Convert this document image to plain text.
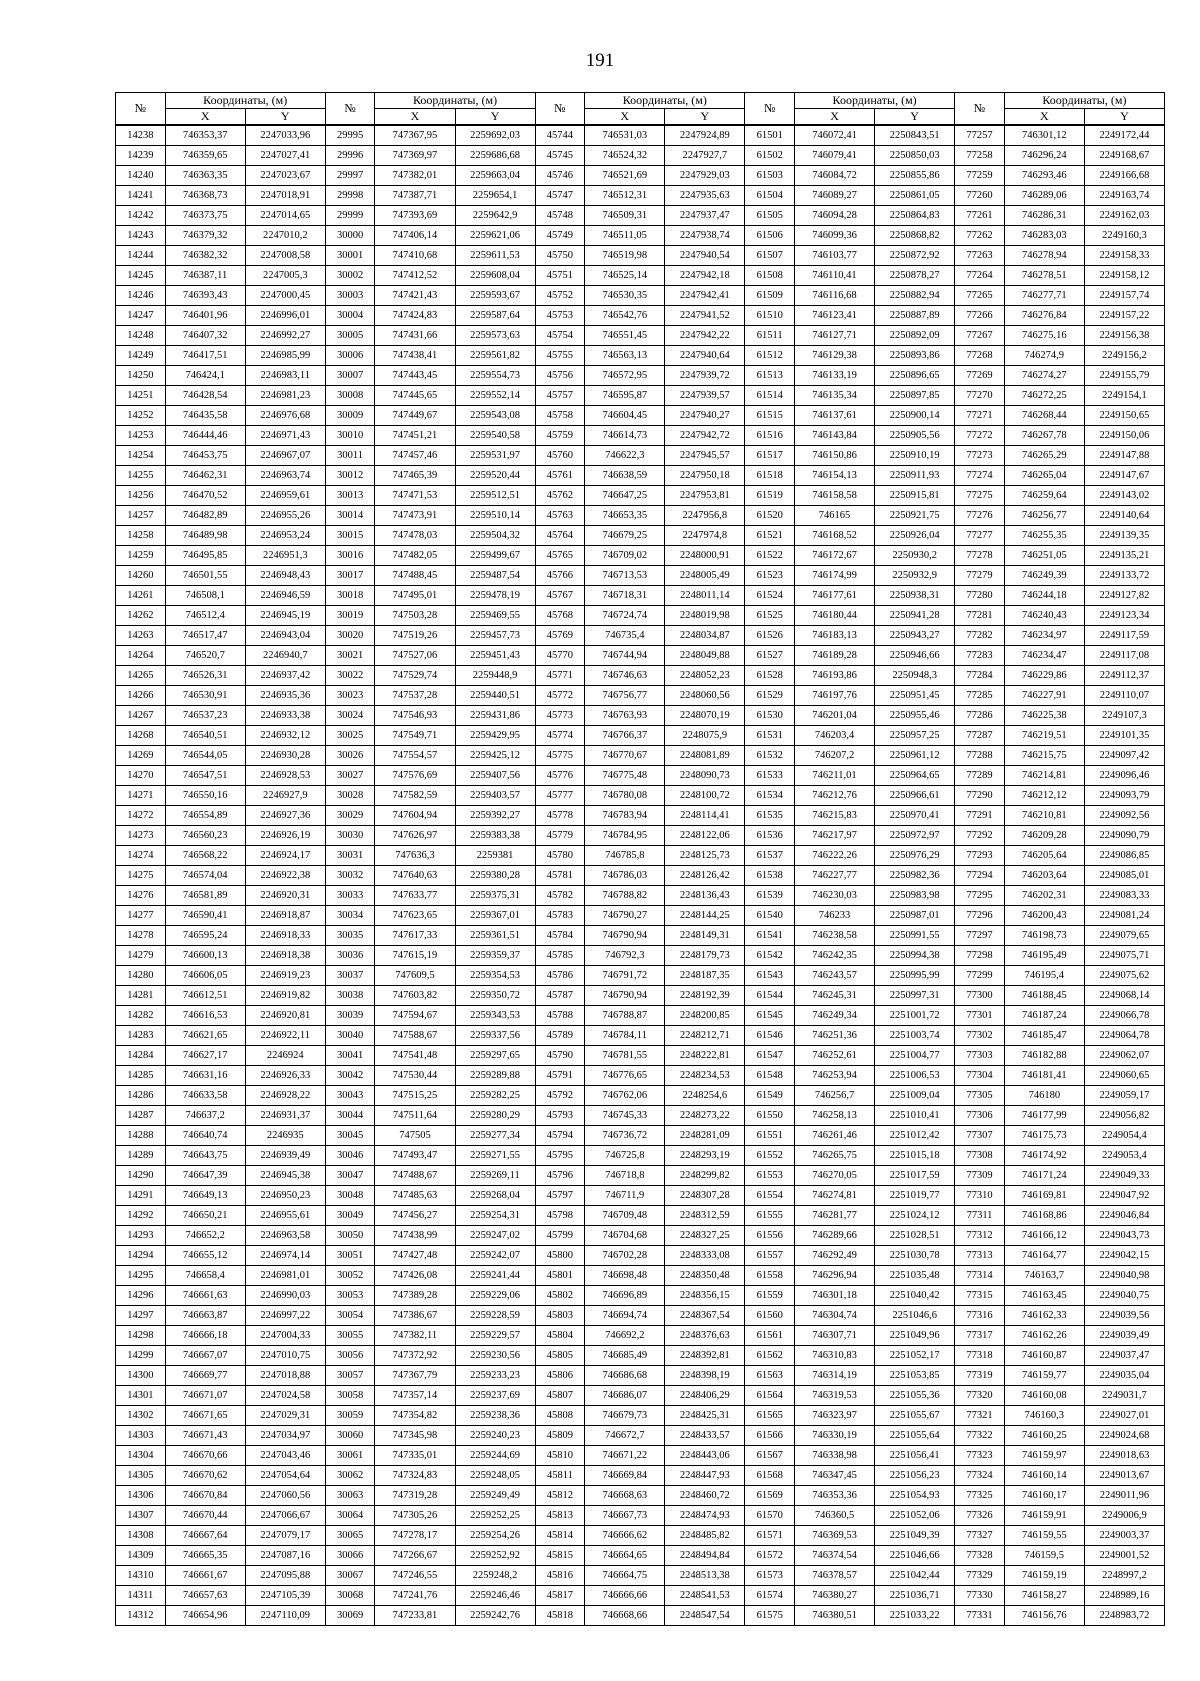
191
№	Координаты, (м)		№	Координаты, (м)		№	Координаты, (м)		№	Координаты, (м)		№	Координаты, (м)	
	X	Y		X	Y		X	Y		X	Y		X	Y
14238	746353,37	2247033,96	29995	747367,95	2259692,03	45744	746531,03	2247924,89	61501	746072,41	2250843,51	77257	746301,12	2249172,44
14239	746359,65	2247027,41	29996	747369,97	2259686,68	45745	746524,32	2247927,7	61502	746079,41	2250850,03	77258	746296,24	2249168,67
14240	746363,35	2247023,67	29997	747382,01	2259663,04	45746	746521,69	2247929,03	61503	746084,72	2250855,86	77259	746293,46	2249166,68
14241	746368,73	2247018,91	29998	747387,71	2259654,1	45747	746512,31	2247935,63	61504	746089,27	2250861,05	77260	746289,06	2249163,74
14242	746373,75	2247014,65	29999	747393,69	2259642,9	45748	746509,31	2247937,47	61505	746094,28	2250864,83	77261	746286,31	2249162,03
14243	746379,32	2247010,2	30000	747406,14	2259621,06	45749	746511,05	2247938,74	61506	746099,36	2250868,82	77262	746283,03	2249160,3
14244	746382,32	2247008,58	30001	747410,68	2259611,53	45750	746519,98	2247940,54	61507	746103,77	2250872,92	77263	746278,94	2249158,33
14245	746387,11	2247005,3	30002	747412,52	2259608,04	45751	746525,14	2247942,18	61508	746110,41	2250878,27	77264	746278,51	2249158,12
14246	746393,43	2247000,45	30003	747421,43	2259593,67	45752	746530,35	2247942,41	61509	746116,68	2250882,94	77265	746277,71	2249157,74
14247	746401,96	2246996,01	30004	747424,83	2259587,64	45753	746542,76	2247941,52	61510	746123,41	2250887,89	77266	746276,84	2249157,22
14248	746407,32	2246992,27	30005	747431,66	2259573,63	45754	746551,45	2247942,22	61511	746127,71	2250892,09	77267	746275,16	2249156,38
14249	746417,51	2246985,99	30006	747438,41	2259561,82	45755	746563,13	2247940,64	61512	746129,38	2250893,86	77268	746274,9	2249156,2
14250	746424,1	2246983,11	30007	747443,45	2259554,73	45756	746572,95	2247939,72	61513	746133,19	2250896,65	77269	746274,27	2249155,79
14251	746428,54	2246981,23	30008	747445,65	2259552,14	45757	746595,87	2247939,57	61514	746135,34	2250897,85	77270	746272,25	2249154,1
14252	746435,58	2246976,68	30009	747449,67	2259543,08	45758	746604,45	2247940,27	61515	746137,61	2250900,14	77271	746268,44	2249150,65
14253	746444,46	2246971,43	30010	747451,21	2259540,58	45759	746614,73	2247942,72	61516	746143,84	2250905,56	77272	746267,78	2249150,06
14254	746453,75	2246967,07	30011	747457,46	2259531,97	45760	746622,3	2247945,57	61517	746150,86	2250910,19	77273	746265,29	2249147,88
14255	746462,31	2246963,74	30012	747465,39	2259520,44	45761	746638,59	2247950,18	61518	746154,13	2250911,93	77274	746265,04	2249147,67
14256	746470,52	2246959,61	30013	747471,53	2259512,51	45762	746647,25	2247953,81	61519	746158,58	2250915,81	77275	746259,64	2249143,02
14257	746482,89	2246955,26	30014	747473,91	2259510,14	45763	746653,35	2247956,8	61520	746165	2250921,75	77276	746256,77	2249140,64
14258	746489,98	2246953,24	30015	747478,03	2259504,32	45764	746679,25	2247974,8	61521	746168,52	2250926,04	77277	746255,35	2249139,35
14259	746495,85	2246951,3	30016	747482,05	2259499,67	45765	746709,02	2248000,91	61522	746172,67	2250930,2	77278	746251,05	2249135,21
14260	746501,55	2246948,43	30017	747488,45	2259487,54	45766	746713,53	2248005,49	61523	746174,99	2250932,9	77279	746249,39	2249133,72
14261	746508,1	2246946,59	30018	747495,01	2259478,19	45767	746718,31	2248011,14	61524	746177,61	2250938,31	77280	746244,18	2249127,82
14262	746512,4	2246945,19	30019	747503,28	2259469,55	45768	746724,74	2248019,98	61525	746180,44	2250941,28	77281	746240,43	2249123,34
14263	746517,47	2246943,04	30020	747519,26	2259457,73	45769	746735,4	2248034,87	61526	746183,13	2250943,27	77282	746234,97	2249117,59
14264	746520,7	2246940,7	30021	747527,06	2259451,43	45770	746744,94	2248049,88	61527	746189,28	2250946,66	77283	746234,47	2249117,08
14265	746526,31	2246937,42	30022	747529,74	2259448,9	45771	746746,63	2248052,23	61528	746193,86	2250948,3	77284	746229,86	2249112,37
14266	746530,91	2246935,36	30023	747537,28	2259440,51	45772	746756,77	2248060,56	61529	746197,76	2250951,45	77285	746227,91	2249110,07
14267	746537,23	2246933,38	30024	747546,93	2259431,86	45773	746763,93	2248070,19	61530	746201,04	2250955,46	77286	746225,38	2249107,3
14268	746540,51	2246932,12	30025	747549,71	2259429,95	45774	746766,37	2248075,9	61531	746203,4	2250957,25	77287	746219,51	2249101,35
14269	746544,05	2246930,28	30026	747554,57	2259425,12	45775	746770,67	2248081,89	61532	746207,2	2250961,12	77288	746215,75	2249097,42
14270	746547,51	2246928,53	30027	747576,69	2259407,56	45776	746775,48	2248090,73	61533	746211,01	2250964,65	77289	746214,81	2249096,46
14271	746550,16	2246927,9	30028	747582,59	2259403,57	45777	746780,08	2248100,72	61534	746212,76	2250966,61	77290	746212,12	2249093,79
14272	746554,89	2246927,36	30029	747604,94	2259392,27	45778	746783,94	2248114,41	61535	746215,83	2250970,41	77291	746210,81	2249092,56
14273	746560,23	2246926,19	30030	747626,97	2259383,38	45779	746784,95	2248122,06	61536	746217,97	2250972,97	77292	746209,28	2249090,79
14274	746568,22	2246924,17	30031	747636,3	2259381	45780	746785,8	2248125,73	61537	746222,26	2250976,29	77293	746205,64	2249086,85
14275	746574,04	2246922,38	30032	747640,63	2259380,28	45781	746786,03	2248126,42	61538	746227,77	2250982,36	77294	746203,64	2249085,01
14276	746581,89	2246920,31	30033	747633,77	2259375,31	45782	746788,82	2248136,43	61539	746230,03	2250983,98	77295	746202,31	2249083,33
14277	746590,41	2246918,87	30034	747623,65	2259367,01	45783	746790,27	2248144,25	61540	746233	2250987,01	77296	746200,43	2249081,24
14278	746595,24	2246918,33	30035	747617,33	2259361,51	45784	746790,94	2248149,31	61541	746238,58	2250991,55	77297	746198,73	2249079,65
14279	746600,13	2246918,38	30036	747615,19	2259359,37	45785	746792,3	2248179,73	61542	746242,35	2250994,38	77298	746195,49	2249075,71
14280	746606,05	2246919,23	30037	747609,5	2259354,53	45786	746791,72	2248187,35	61543	746243,57	2250995,99	77299	746195,4	2249075,62
14281	746612,51	2246919,82	30038	747603,82	2259350,72	45787	746790,94	2248192,39	61544	746245,31	2250997,31	77300	746188,45	2249068,14
14282	746616,53	2246920,81	30039	747594,67	2259343,53	45788	746788,87	2248200,85	61545	746249,34	2251001,72	77301	746187,24	2249066,78
14283	746621,65	2246922,11	30040	747588,67	2259337,56	45789	746784,11	2248212,71	61546	746251,36	2251003,74	77302	746185,47	2249064,78
14284	746627,17	2246924	30041	747541,48	2259297,65	45790	746781,55	2248222,81	61547	746252,61	2251004,77	77303	746182,88	2249062,07
14285	746631,16	2246926,33	30042	747530,44	2259289,88	45791	746776,65	2248234,53	61548	746253,94	2251006,53	77304	746181,41	2249060,65
14286	746633,58	2246928,22	30043	747515,25	2259282,25	45792	746762,06	2248254,6	61549	746256,7	2251009,04	77305	746180	2249059,17
14287	746637,2	2246931,37	30044	747511,64	2259280,29	45793	746745,33	2248273,22	61550	746258,13	2251010,41	77306	746177,99	2249056,82
14288	746640,74	2246935	30045	747505	2259277,34	45794	746736,72	2248281,09	61551	746261,46	2251012,42	77307	746175,73	2249054,4
14289	746643,75	2246939,49	30046	747493,47	2259271,55	45795	746725,8	2248293,19	61552	746265,75	2251015,18	77308	746174,92	2249053,4
14290	746647,39	2246945,38	30047	747488,67	2259269,11	45796	746718,8	2248299,82	61553	746270,05	2251017,59	77309	746171,24	2249049,33
14291	746649,13	2246950,23	30048	747485,63	2259268,04	45797	746711,9	2248307,28	61554	746274,81	2251019,77	77310	746169,81	2249047,92
14292	746650,21	2246955,61	30049	747456,27	2259254,31	45798	746709,48	2248312,59	61555	746281,77	2251024,12	77311	746168,86	2249046,84
14293	746652,2	2246963,58	30050	747438,99	2259247,02	45799	746704,68	2248327,25	61556	746289,66	2251028,51	77312	746166,12	2249043,73
14294	746655,12	2246974,14	30051	747427,48	2259242,07	45800	746702,28	2248333,08	61557	746292,49	2251030,78	77313	746164,77	2249042,15
14295	746658,4	2246981,01	30052	747426,08	2259241,44	45801	746698,48	2248350,48	61558	746296,94	2251035,48	77314	746163,7	2249040,98
14296	746661,63	2246990,03	30053	747389,28	2259229,06	45802	746696,89	2248356,15	61559	746301,18	2251040,42	77315	746163,45	2249040,75
14297	746663,87	2246997,22	30054	747386,67	2259228,59	45803	746694,74	2248367,54	61560	746304,74	2251046,6	77316	746162,33	2249039,56
14298	746666,18	2247004,33	30055	747382,11	2259229,57	45804	746692,2	2248376,63	61561	746307,71	2251049,96	77317	746162,26	2249039,49
14299	746667,07	2247010,75	30056	747372,92	2259230,56	45805	746685,49	2248392,81	61562	746310,83	2251052,17	77318	746160,87	2249037,47
14300	746669,77	2247018,88	30057	747367,79	2259233,23	45806	746686,68	2248398,19	61563	746314,19	2251053,85	77319	746159,77	2249035,04
14301	746671,07	2247024,58	30058	747357,14	2259237,69	45807	746686,07	2248406,29	61564	746319,53	2251055,36	77320	746160,08	2249031,7
14302	746671,65	2247029,31	30059	747354,82	2259238,36	45808	746679,73	2248425,31	61565	746323,97	2251055,67	77321	746160,3	2249027,01
14303	746671,43	2247034,97	30060	747345,98	2259240,23	45809	746672,7	2248433,57	61566	746330,19	2251055,64	77322	746160,25	2249024,68
14304	746670,66	2247043,46	30061	747335,01	2259244,69	45810	746671,22	2248443,06	61567	746338,98	2251056,41	77323	746159,97	2249018,63
14305	746670,62	2247054,64	30062	747324,83	2259248,05	45811	746669,84	2248447,93	61568	746347,45	2251056,23	77324	746160,14	2249013,67
14306	746670,84	2247060,56	30063	747319,28	2259249,49	45812	746668,63	2248460,72	61569	746353,36	2251054,93	77325	746160,17	2249011,96
14307	746670,44	2247066,67	30064	747305,26	2259252,25	45813	746667,73	2248474,93	61570	746360,5	2251052,06	77326	746159,91	2249006,9
14308	746667,64	2247079,17	30065	747278,17	2259254,26	45814	746666,62	2248485,82	61571	746369,53	2251049,39	77327	746159,55	2249003,37
14309	746665,35	2247087,16	30066	747266,67	2259252,92	45815	746664,65	2248494,84	61572	746374,54	2251046,66	77328	746159,5	2249001,52
14310	746661,67	2247095,88	30067	747246,55	2259248,2	45816	746664,75	2248513,38	61573	746378,57	2251042,44	77329	746159,19	2248997,2
14311	746657,63	2247105,39	30068	747241,76	2259246,46	45817	746666,66	2248541,53	61574	746380,27	2251036,71	77330	746158,27	2248989,16
14312	746654,96	2247110,09	30069	747233,81	2259242,76	45818	746668,66	2248547,54	61575	746380,51	2251033,22	77331	746156,76	2248983,72
